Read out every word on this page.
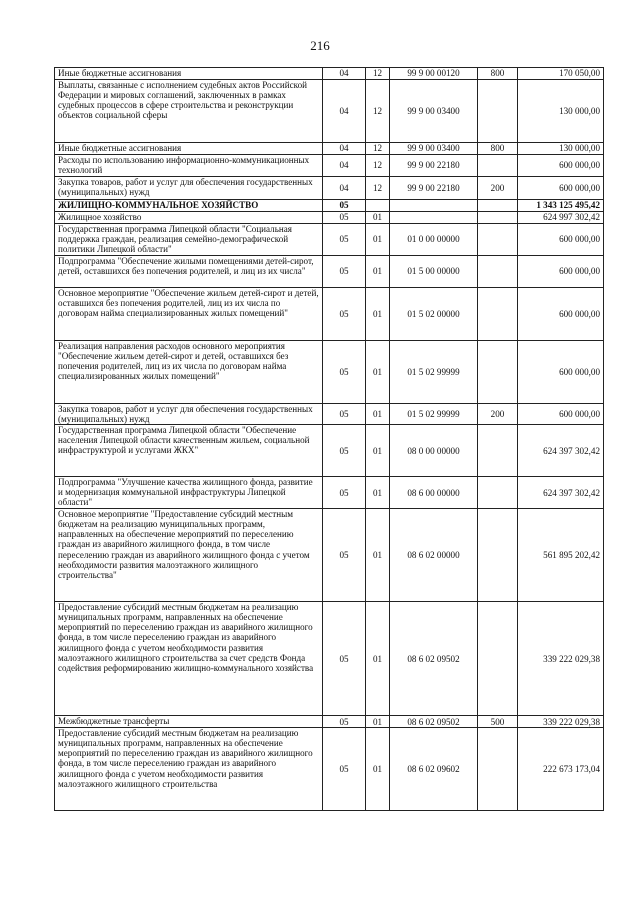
216
Иные бюджетные ассигнования	04	12	99 9 00 00120	800	170 050,00
Выплаты, связанные с исполнением судебных актов Российской Федерации и мировых соглашений, заключенных в рамках судебных процессов в сфере строительства и реконструкции объектов социальной сферы	04	12	99 9 00 03400		130 000,00
Иные бюджетные ассигнования	04	12	99 9 00 03400	800	130 000,00
Расходы по использованию информационно-коммуникационных технологий	04	12	99 9 00 22180		600 000,00
Закупка товаров, работ и услуг для обеспечения государственных (муниципальных) нужд	04	12	99 9 00 22180	200	600 000,00
ЖИЛИЩНО-КОММУНАЛЬНОЕ ХОЗЯЙСТВО	05				1 343 125 495,42
Жилищное хозяйство	05	01			624 997 302,42
Государственная программа Липецкой области "Социальная поддержка граждан, реализация семейно-демографической политики Липецкой области"	05	01	01 0 00 00000		600 000,00
Подпрограмма "Обеспечение жилыми помещениями детей-сирот, детей, оставшихся без попечения родителей, и лиц из их числа"	05	01	01 5 00 00000		600 000,00
Основное мероприятие "Обеспечение жильем детей-сирот и детей, оставшихся без попечения родителей, лиц из их числа по договорам найма специализированных жилых помещений"	05	01	01 5 02 00000		600 000,00
Реализация направления расходов основного мероприятия "Обеспечение жильем детей-сирот и детей, оставшихся без попечения родителей, лиц из их числа по договорам найма специализированных жилых помещений"	05	01	01 5 02 99999		600 000,00
Закупка товаров, работ и услуг для обеспечения государственных (муниципальных) нужд	05	01	01 5 02 99999	200	600 000,00
Государственная программа Липецкой области "Обеспечение населения Липецкой области качественным жильем, социальной инфраструктурой и услугами ЖКХ"	05	01	08 0 00 00000		624 397 302,42
Подпрограмма "Улучшение качества жилищного фонда, развитие и модернизация коммунальной инфраструктуры Липецкой области"	05	01	08 6 00 00000		624 397 302,42
Основное мероприятие "Предоставление субсидий местным бюджетам на реализацию муниципальных программ, направленных на обеспечение мероприятий по переселению граждан из аварийного жилищного фонда, в том числе переселению граждан из аварийного жилищного фонда с учетом необходимости развития малоэтажного жилищного строительства"	05	01	08 6 02 00000		561 895 202,42
Предоставление субсидий местным бюджетам на реализацию муниципальных программ, направленных на обеспечение мероприятий по переселению граждан из аварийного жилищного фонда, в том числе переселению граждан из аварийного жилищного фонда с учетом необходимости развития малоэтажного жилищного строительства за счет средств Фонда содействия реформированию жилищно-коммунального хозяйства	05	01	08 6 02 09502		339 222 029,38
Межбюджетные трансферты	05	01	08 6 02 09502	500	339 222 029,38
Предоставление субсидий местным бюджетам на реализацию муниципальных программ, направленных на обеспечение мероприятий по переселению граждан из аварийного жилищного фонда, в том числе переселению граждан из аварийного жилищного фонда с учетом необходимости развития малоэтажного жилищного строительства	05	01	08 6 02 09602		222 673 173,04
